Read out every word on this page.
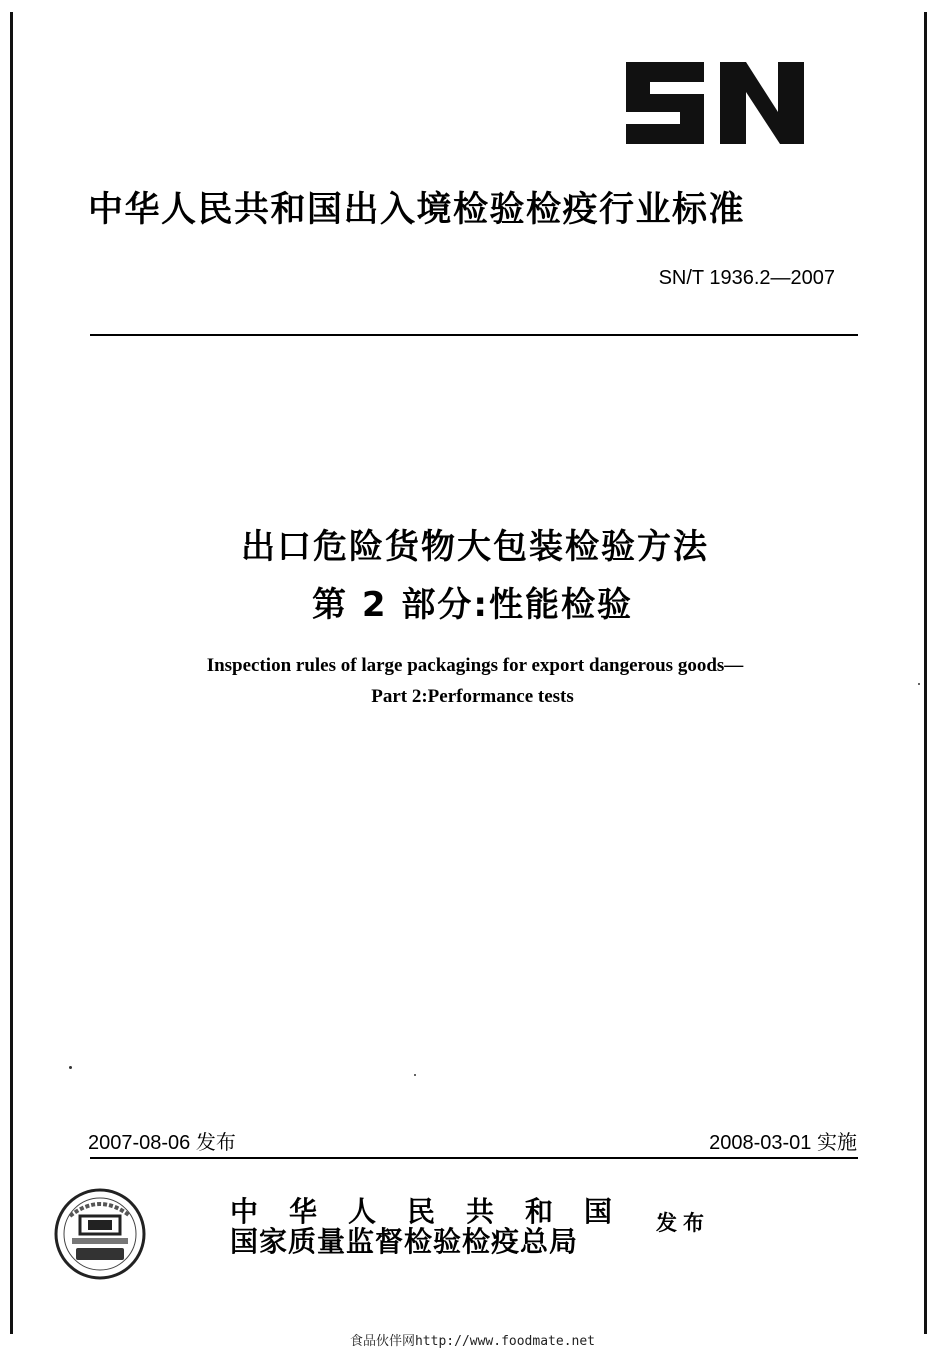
中华人民共和国出入境检验检疫行业标准
SN/T 1936.2—2007
出口危险货物大包装检验方法
第 2 部分:性能检验
Inspection rules of large packagings for export dangerous goods—
Part 2:Performance tests
2007-08-06 发布	2008-03-01 实施
中华人民共和国
国家质量监督检验检疫总局
发布
食品伙伴网http://www.foodmate.net
